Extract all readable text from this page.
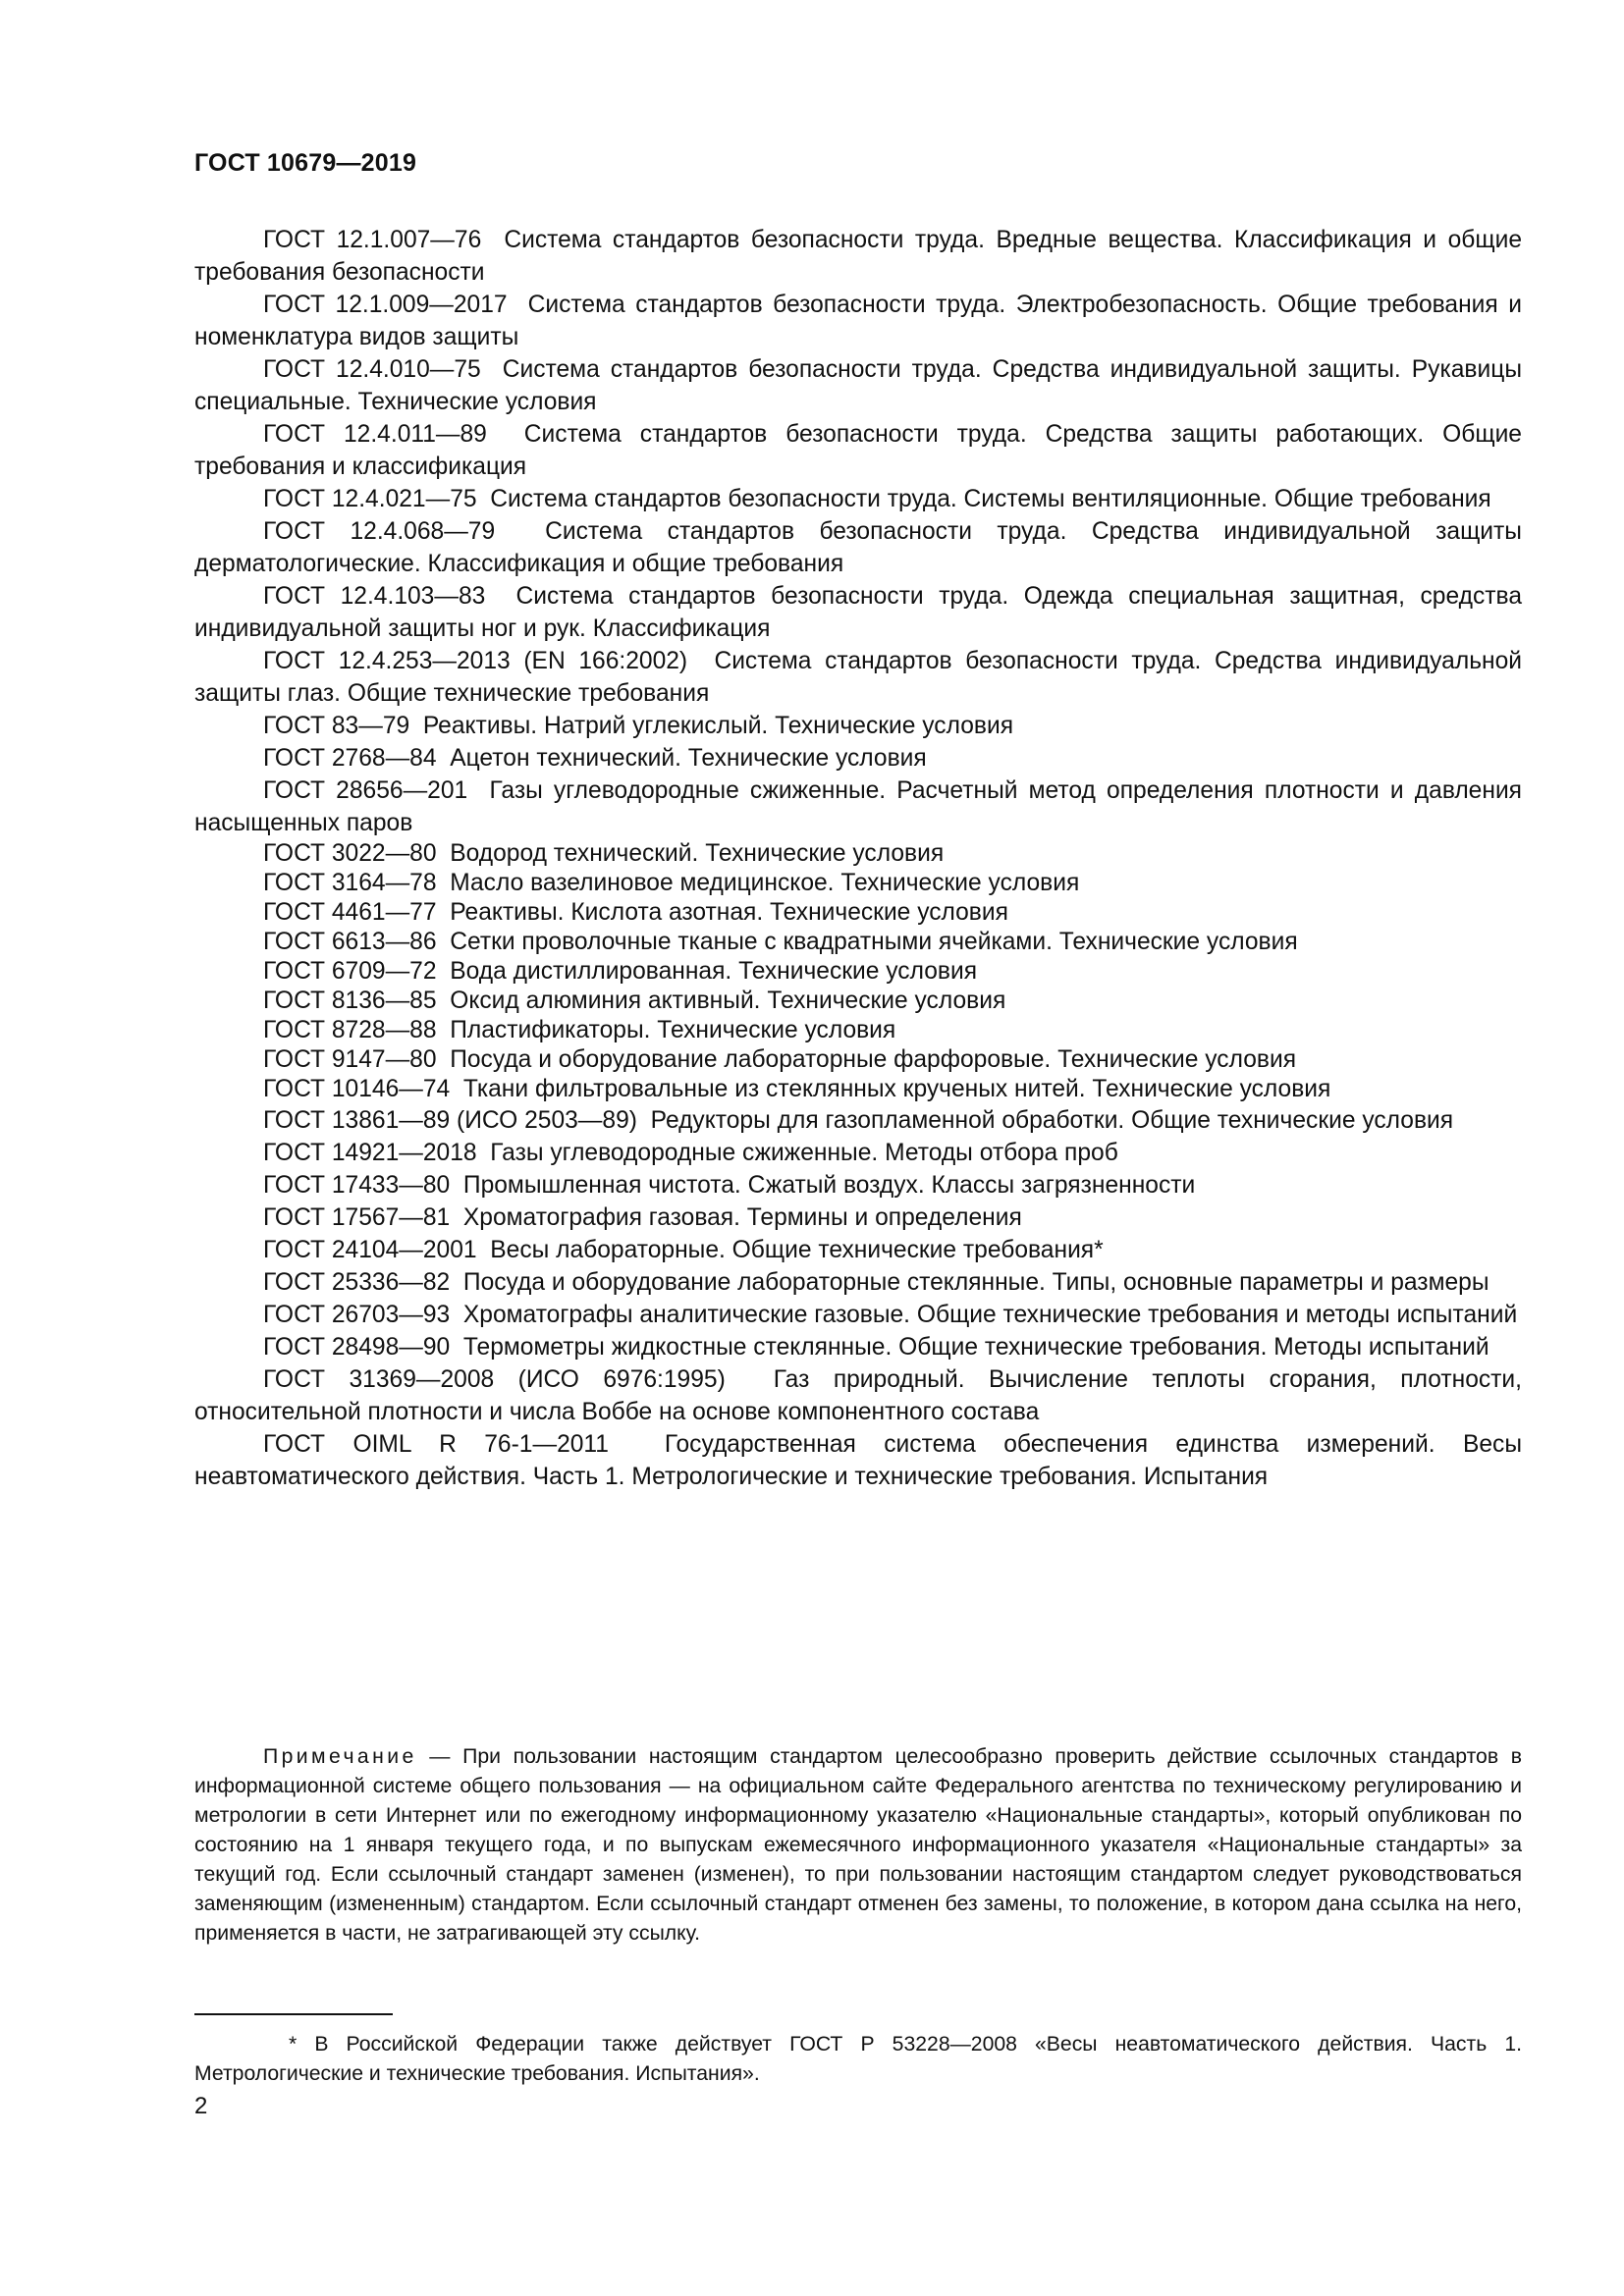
ГОСТ 10679—2019

ГОСТ 12.1.007—76 Система стандартов безопасности труда. Вредные вещества. Классификация и общие требования безопасности

ГОСТ 12.1.009—2017 Система стандартов безопасности труда. Электробезопасность. Общие требования и номенклатура видов защиты

ГОСТ 12.4.010—75 Система стандартов безопасности труда. Средства индивидуальной защиты. Рукавицы специальные. Технические условия

ГОСТ 12.4.011—89 Система стандартов безопасности труда. Средства защиты работающих. Общие требования и классификация

ГОСТ 12.4.021—75 Система стандартов безопасности труда. Системы вентиляционные. Общие требования

ГОСТ 12.4.068—79 Система стандартов безопасности труда. Средства индивидуальной защиты дерматологические. Классификация и общие требования

ГОСТ 12.4.103—83 Система стандартов безопасности труда. Одежда специальная защитная, средства индивидуальной защиты ног и рук. Классификация

ГОСТ 12.4.253—2013 (EN 166:2002) Система стандартов безопасности труда. Средства индивидуальной защиты глаз. Общие технические требования

ГОСТ 83—79 Реактивы. Натрий углекислый. Технические условия

ГОСТ 2768—84 Ацетон технический. Технические условия

ГОСТ 28656—201 Газы углеводородные сжиженные. Расчетный метод определения плотности и давления насыщенных паров

ГОСТ 3022—80 Водород технический. Технические условия

ГОСТ 3164—78 Масло вазелиновое медицинское. Технические условия

ГОСТ 4461—77 Реактивы. Кислота азотная. Технические условия

ГОСТ 6613—86 Сетки проволочные тканые с квадратными ячейками. Технические условия

ГОСТ 6709—72 Вода дистиллированная. Технические условия

ГОСТ 8136—85 Оксид алюминия активный. Технические условия

ГОСТ 8728—88 Пластификаторы. Технические условия

ГОСТ 9147—80 Посуда и оборудование лабораторные фарфоровые. Технические условия

ГОСТ 10146—74 Ткани фильтровальные из стеклянных крученых нитей. Технические условия

ГОСТ 13861—89 (ИСО 2503—89) Редукторы для газопламенной обработки. Общие технические условия

ГОСТ 14921—2018 Газы углеводородные сжиженные. Методы отбора проб

ГОСТ 17433—80 Промышленная чистота. Сжатый воздух. Классы загрязненности

ГОСТ 17567—81 Хроматография газовая. Термины и определения

ГОСТ 24104—2001 Весы лабораторные. Общие технические требования*

ГОСТ 25336—82 Посуда и оборудование лабораторные стеклянные. Типы, основные параметры и размеры

ГОСТ 26703—93 Хроматографы аналитические газовые. Общие технические требования и методы испытаний

ГОСТ 28498—90 Термометры жидкостные стеклянные. Общие технические требования. Методы испытаний

ГОСТ 31369—2008 (ИСО 6976:1995) Газ природный. Вычисление теплоты сгорания, плотности, относительной плотности и числа Воббе на основе компонентного состава

ГОСТ OIML R 76-1—2011 Государственная система обеспечения единства измерений. Весы неавтоматического действия. Часть 1. Метрологические и технические требования. Испытания

Примечание — При пользовании настоящим стандартом целесообразно проверить действие ссылочных стандартов в информационной системе общего пользования — на официальном сайте Федерального агентства по техническому регулированию и метрологии в сети Интернет или по ежегодному информационному указателю «Национальные стандарты», который опубликован по состоянию на 1 января текущего года, и по выпускам ежемесячного информационного указателя «Национальные стандарты» за текущий год. Если ссылочный стандарт заменен (изменен), то при пользовании настоящим стандартом следует руководствоваться заменяющим (измененным) стандартом. Если ссылочный стандарт отменен без замены, то положение, в котором дана ссылка на него, применяется в части, не затрагивающей эту ссылку.

* В Российской Федерации также действует ГОСТ Р 53228—2008 «Весы неавтоматического действия. Часть 1. Метрологические и технические требования. Испытания».

2
